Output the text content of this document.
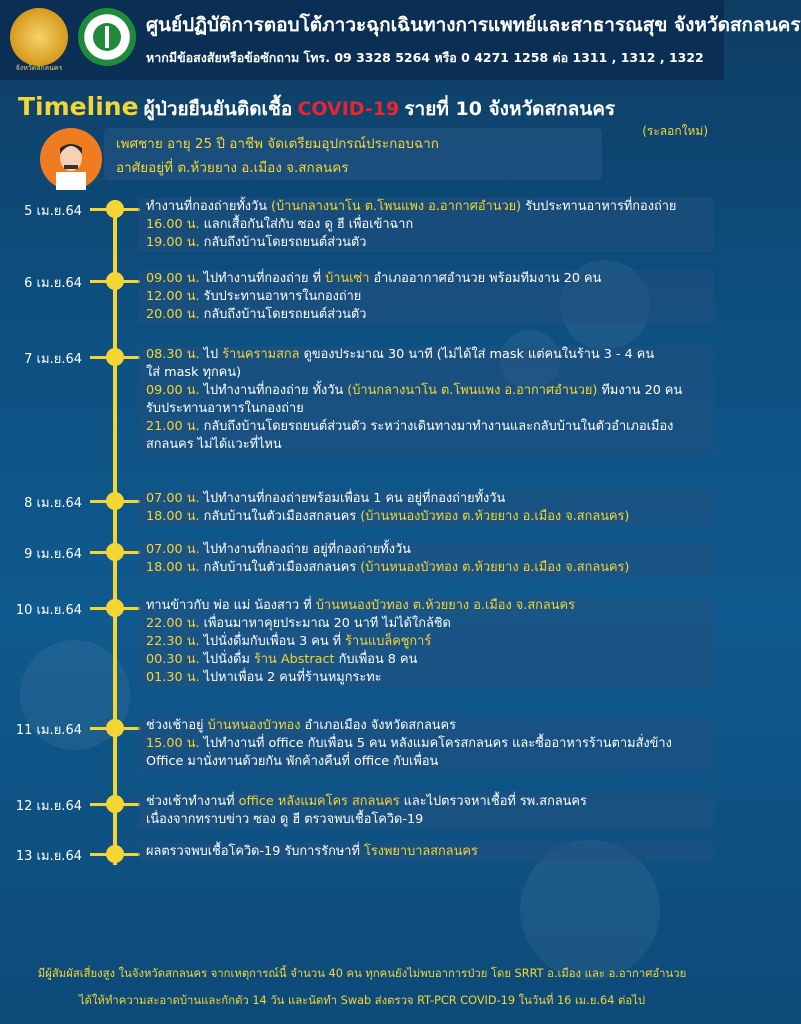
จังหวัดสกลนคร
ศูนย์ปฏิบัติการตอบโต้ภาวะฉุกเฉินทางการแพทย์และสาธารณสุข จังหวัดสกลนคร
หากมีข้อสงสัยหรือข้อซักถาม โทร. 09 3328 5264 หรือ 0 4271 1258 ต่อ 1311 , 1312 , 1322
Timeline ผู้ป่วยยืนยันติดเชื้อ COVID-19 รายที่ 10 จังหวัดสกลนคร
(ระลอกใหม่)
เพศชาย อายุ 25 ปี อาชีพ จัดเตรียมอุปกรณ์ประกอบฉาก
อาศัยอยู่ที่ ต.ห้วยยาง อ.เมือง จ.สกลนคร
5 เม.ย.64	ทำงานที่กองถ่ายทั้งวัน (บ้านกลางนาโน ต.โพนแพง อ.อากาศอำนวย) รับประทานอาหารที่กองถ่าย
16.00 น. แลกเสื้อกันใส่กับ ซอง ดู ฮี เพื่อเข้าฉาก
19.00 น. กลับถึงบ้านโดยรถยนต์ส่วนตัว
6 เม.ย.64	09.00 น. ไปทำงานที่กองถ่าย ที่ บ้านเซ่า อำเภออากาศอำนวย พร้อมทีมงาน 20 คน
12.00 น. รับประทานอาหารในกองถ่าย
20.00 น. กลับถึงบ้านโดยรถยนต์ส่วนตัว
7 เม.ย.64	08.30 น. ไป ร้านครามสกล ดูของประมาณ 30 นาที (ไม่ได้ใส่ mask แต่คนในร้าน 3 - 4 คน
ใส่ mask ทุกคน)
09.00 น. ไปทำงานที่กองถ่าย ทั้งวัน (บ้านกลางนาโน ต.โพนแพง อ.อากาศอำนวย) ทีมงาน 20 คน
รับประทานอาหารในกองถ่าย
21.00 น. กลับถึงบ้านโดยรถยนต์ส่วนตัว ระหว่างเดินทางมาทำงานและกลับบ้านในตัวอำเภอเมือง
สกลนคร ไม่ได้แวะที่ไหน
8 เม.ย.64	07.00 น. ไปทำงานที่กองถ่ายพร้อมเพื่อน 1 คน อยู่ที่กองถ่ายทั้งวัน
18.00 น. กลับบ้านในตัวเมืองสกลนคร (บ้านหนองบัวทอง ต.ห้วยยาง อ.เมือง จ.สกลนคร)
9 เม.ย.64	07.00 น. ไปทำงานที่กองถ่าย อยู่ที่กองถ่ายทั้งวัน
18.00 น. กลับบ้านในตัวเมืองสกลนคร (บ้านหนองบัวทอง ต.ห้วยยาง อ.เมือง จ.สกลนคร)
10 เม.ย.64	ทานข้าวกับ พ่อ แม่ น้องสาว ที่ บ้านหนองบัวทอง ต.ห้วยยาง อ.เมือง จ.สกลนคร
22.00 น. เพื่อนมาหาคุยประมาณ 20 นาที ไม่ได้ใกล้ชิด
22.30 น. ไปนั่งดื่มกับเพื่อน 3 คน ที่ ร้านแบล็คชูการ์
00.30 น. ไปนั่งดื่ม ร้าน Abstract กับเพื่อน 8 คน
01.30 น. ไปหาเพื่อน 2 คนที่ร้านหมูกระทะ
11 เม.ย.64	ช่วงเช้าอยู่ บ้านหนองบัวทอง อำเภอเมือง จังหวัดสกลนคร
15.00 น. ไปทำงานที่ office กับเพื่อน 5 คน หลังแมคโครสกลนคร และซื้ออาหารร้านตามสั่งข้าง
Office มานั่งทานด้วยกัน พักค้างคืนที่ office กับเพื่อน
12 เม.ย.64	ช่วงเช้าทำงานที่ office หลังแมคโคร สกลนคร และไปตรวจหาเชื้อที่ รพ.สกลนคร
เนื่องจากทราบข่าว ซอง ดู ฮี ตรวจพบเชื้อโควิด-19
13 เม.ย.64	ผลตรวจพบเชื้อโควิด-19 รับการรักษาที่ โรงพยาบาลสกลนคร
มีผู้สัมผัสเสี่ยงสูง ในจังหวัดสกลนคร จากเหตุการณ์นี้ จำนวน 40 คน ทุกคนยังไม่พบอาการป่วย โดย SRRT อ.เมือง และ อ.อากาศอำนวย
ได้ให้ทำความสะอาดบ้านและกักตัว 14 วัน และนัดทำ Swab ส่งตรวจ RT-PCR COVID-19 ในวันที่ 16 เม.ย.64 ต่อไป
